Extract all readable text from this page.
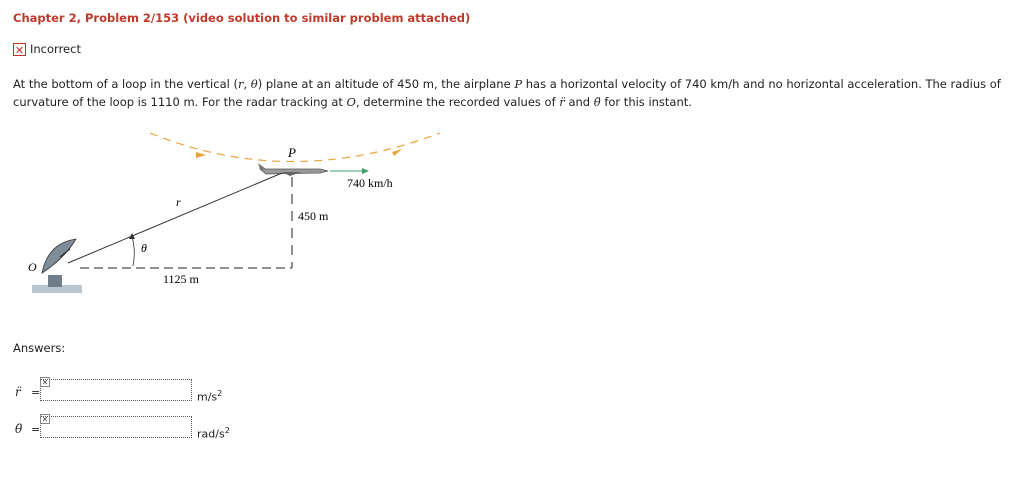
Chapter 2, Problem 2/153 (video solution to similar problem attached)
✕ Incorrect
At the bottom of a loop in the vertical (r, θ) plane at an altitude of 450 m, the airplane P has a horizontal velocity of 740 km/h and no horizontal acceleration. The radius of curvature of the loop is 1110 m. For the radar tracking at O, determine the recorded values of r̈ and θ̈ for this instant.
P
740 km/h
r
450 m
θ
O
1125 m
Answers:
r̈ =
✕
$m/s^2$
θ̈ =
✕
rad/$s^2$
